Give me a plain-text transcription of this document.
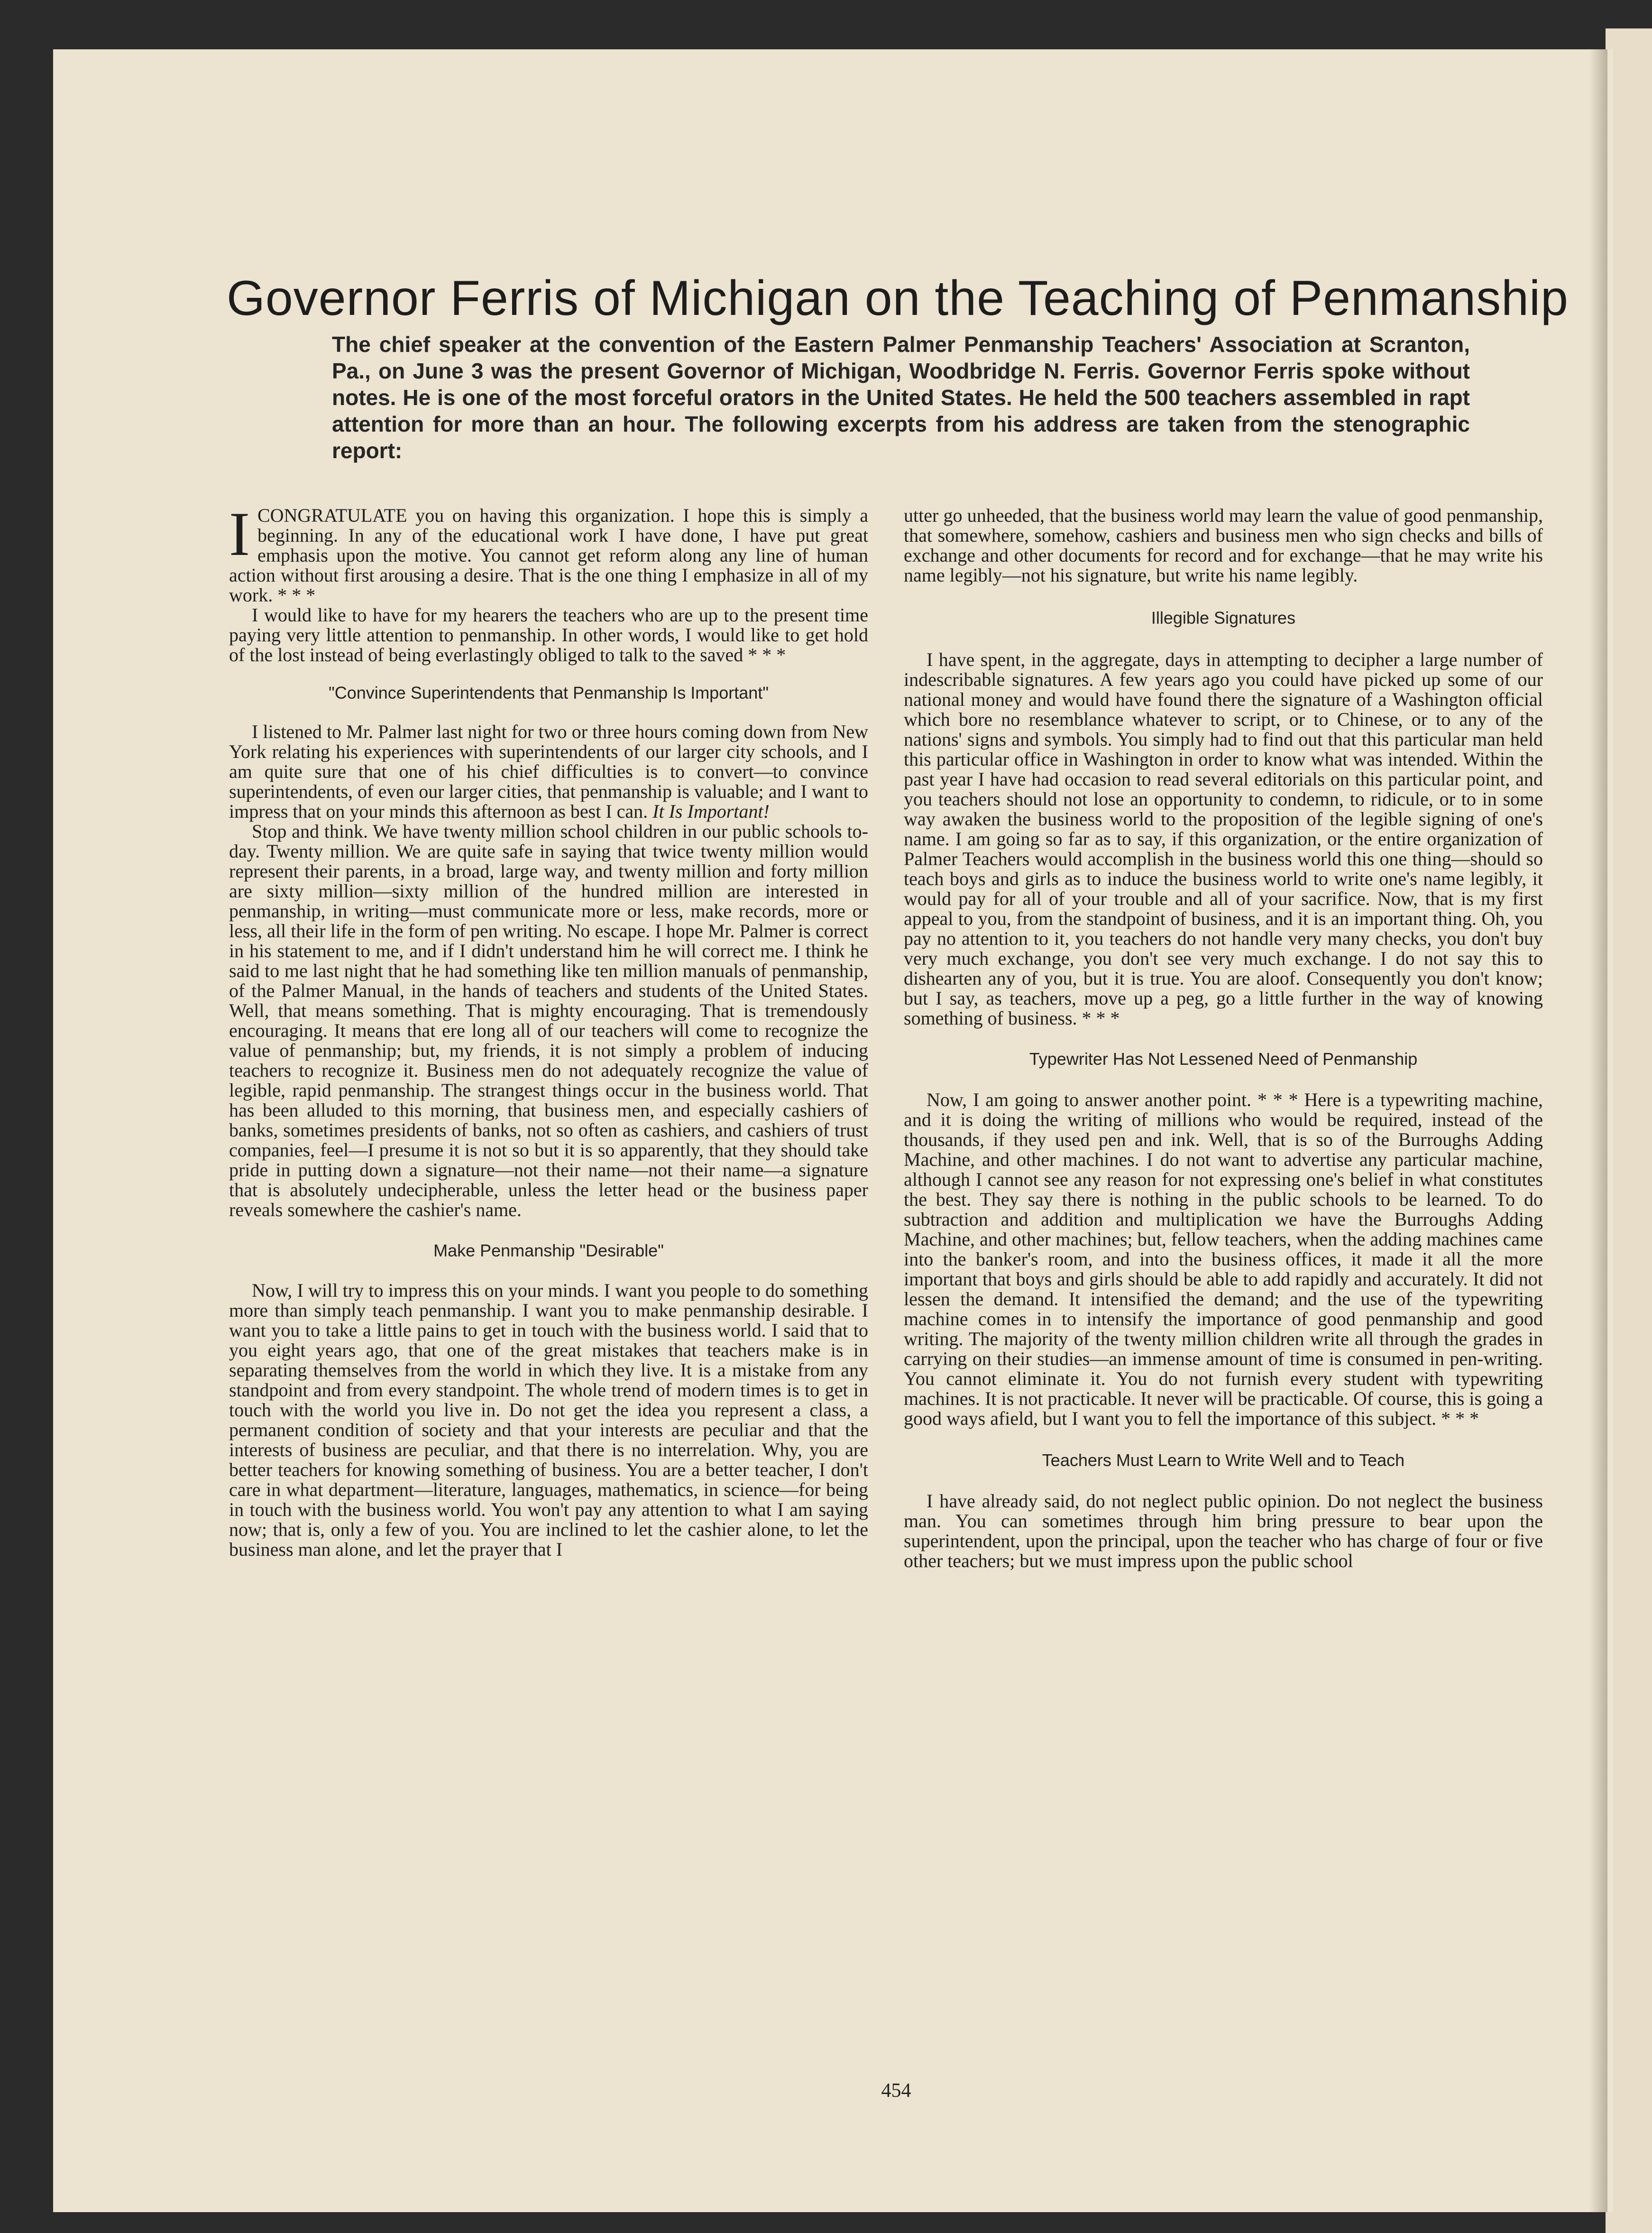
Governor Ferris of Michigan on the Teaching of Penmanship
The chief speaker at the convention of the Eastern Palmer Penmanship Teachers' Association at Scranton, Pa., on June 3 was the present Governor of Michigan, Woodbridge N. Ferris. Governor Ferris spoke without notes. He is one of the most forceful orators in the United States. He held the 500 teachers assembled in rapt attention for more than an hour. The following excerpts from his address are taken from the stenographic report:

ICONGRATULATE you on having this organization. I hope this is simply a beginning. In any of the educational work I have done, I have put great emphasis upon the motive. You cannot get reform along any line of human action without first arousing a desire. That is the one thing I emphasize in all of my work. * * *

I would like to have for my hearers the teachers who are up to the present time paying very little attention to penmanship. In other words, I would like to get hold of the lost instead of being everlastingly obliged to talk to the saved * * *

"Convince Superintendents that Penmanship Is Important"

I listened to Mr. Palmer last night for two or three hours coming down from New York relating his experiences with superintendents of our larger city schools, and I am quite sure that one of his chief difficulties is to convert—to convince superintendents, of even our larger cities, that penmanship is valuable; and I want to impress that on your minds this afternoon as best I can. It Is Important!

Stop and think. We have twenty million school children in our public schools to-day. Twenty million. We are quite safe in saying that twice twenty million would represent their parents, in a broad, large way, and twenty million and forty million are sixty million—sixty million of the hundred million are interested in penmanship, in writing—must communicate more or less, make records, more or less, all their life in the form of pen writing. No escape. I hope Mr. Palmer is correct in his statement to me, and if I didn't understand him he will correct me. I think he said to me last night that he had something like ten million manuals of penmanship, of the Palmer Manual, in the hands of teachers and students of the United States. Well, that means something. That is mighty encouraging. That is tremendously encouraging. It means that ere long all of our teachers will come to recognize the value of penmanship; but, my friends, it is not simply a problem of inducing teachers to recognize it. Business men do not adequately recognize the value of legible, rapid penmanship. The strangest things occur in the business world. That has been alluded to this morning, that business men, and especially cashiers of banks, sometimes presidents of banks, not so often as cashiers, and cashiers of trust companies, feel—I presume it is not so but it is so apparently, that they should take pride in putting down a signature—not their name—not their name—a signature that is absolutely undecipherable, unless the letter head or the business paper reveals somewhere the cashier's name.

Make Penmanship "Desirable"

Now, I will try to impress this on your minds. I want you people to do something more than simply teach penmanship. I want you to make penmanship desirable. I want you to take a little pains to get in touch with the business world. I said that to you eight years ago, that one of the great mistakes that teachers make is in separating themselves from the world in which they live. It is a mistake from any standpoint and from every standpoint. The whole trend of modern times is to get in touch with the world you live in. Do not get the idea you represent a class, a permanent condition of society and that your interests are peculiar and that the interests of business are peculiar, and that there is no interrelation. Why, you are better teachers for knowing something of business. You are a better teacher, I don't care in what department—literature, languages, mathematics, in science—for being in touch with the business world. You won't pay any attention to what I am saying now; that is, only a few of you. You are inclined to let the cashier alone, to let the business man alone, and let the prayer that I

utter go unheeded, that the business world may learn the value of good penmanship, that somewhere, somehow, cashiers and business men who sign checks and bills of exchange and other documents for record and for exchange—that he may write his name legibly—not his signature, but write his name legibly.

Illegible Signatures

I have spent, in the aggregate, days in attempting to decipher a large number of indescribable signatures. A few years ago you could have picked up some of our national money and would have found there the signature of a Washington official which bore no resemblance whatever to script, or to Chinese, or to any of the nations' signs and symbols. You simply had to find out that this particular man held this particular office in Washington in order to know what was intended. Within the past year I have had occasion to read several editorials on this particular point, and you teachers should not lose an opportunity to condemn, to ridicule, or to in some way awaken the business world to the proposition of the legible signing of one's name. I am going so far as to say, if this organization, or the entire organization of Palmer Teachers would accomplish in the business world this one thing—should so teach boys and girls as to induce the business world to write one's name legibly, it would pay for all of your trouble and all of your sacrifice. Now, that is my first appeal to you, from the standpoint of business, and it is an important thing. Oh, you pay no attention to it, you teachers do not handle very many checks, you don't buy very much exchange, you don't see very much exchange. I do not say this to dishearten any of you, but it is true. You are aloof. Consequently you don't know; but I say, as teachers, move up a peg, go a little further in the way of knowing something of business. * * *

Typewriter Has Not Lessened Need of Penmanship

Now, I am going to answer another point. * * * Here is a typewriting machine, and it is doing the writing of millions who would be required, instead of the thousands, if they used pen and ink. Well, that is so of the Burroughs Adding Machine, and other machines. I do not want to advertise any particular machine, although I cannot see any reason for not expressing one's belief in what constitutes the best. They say there is nothing in the public schools to be learned. To do subtraction and addition and multiplication we have the Burroughs Adding Machine, and other machines; but, fellow teachers, when the adding machines came into the banker's room, and into the business offices, it made it all the more important that boys and girls should be able to add rapidly and accurately. It did not lessen the demand. It intensified the demand; and the use of the typewriting machine comes in to intensify the importance of good penmanship and good writing. The majority of the twenty million children write all through the grades in carrying on their studies—an immense amount of time is consumed in pen-writing. You cannot eliminate it. You do not furnish every student with typewriting machines. It is not practicable. It never will be practicable. Of course, this is going a good ways afield, but I want you to fell the importance of this subject. * * *

Teachers Must Learn to Write Well and to Teach

I have already said, do not neglect public opinion. Do not neglect the business man. You can sometimes through him bring pressure to bear upon the superintendent, upon the principal, upon the teacher who has charge of four or five other teachers; but we must impress upon the public school

454
